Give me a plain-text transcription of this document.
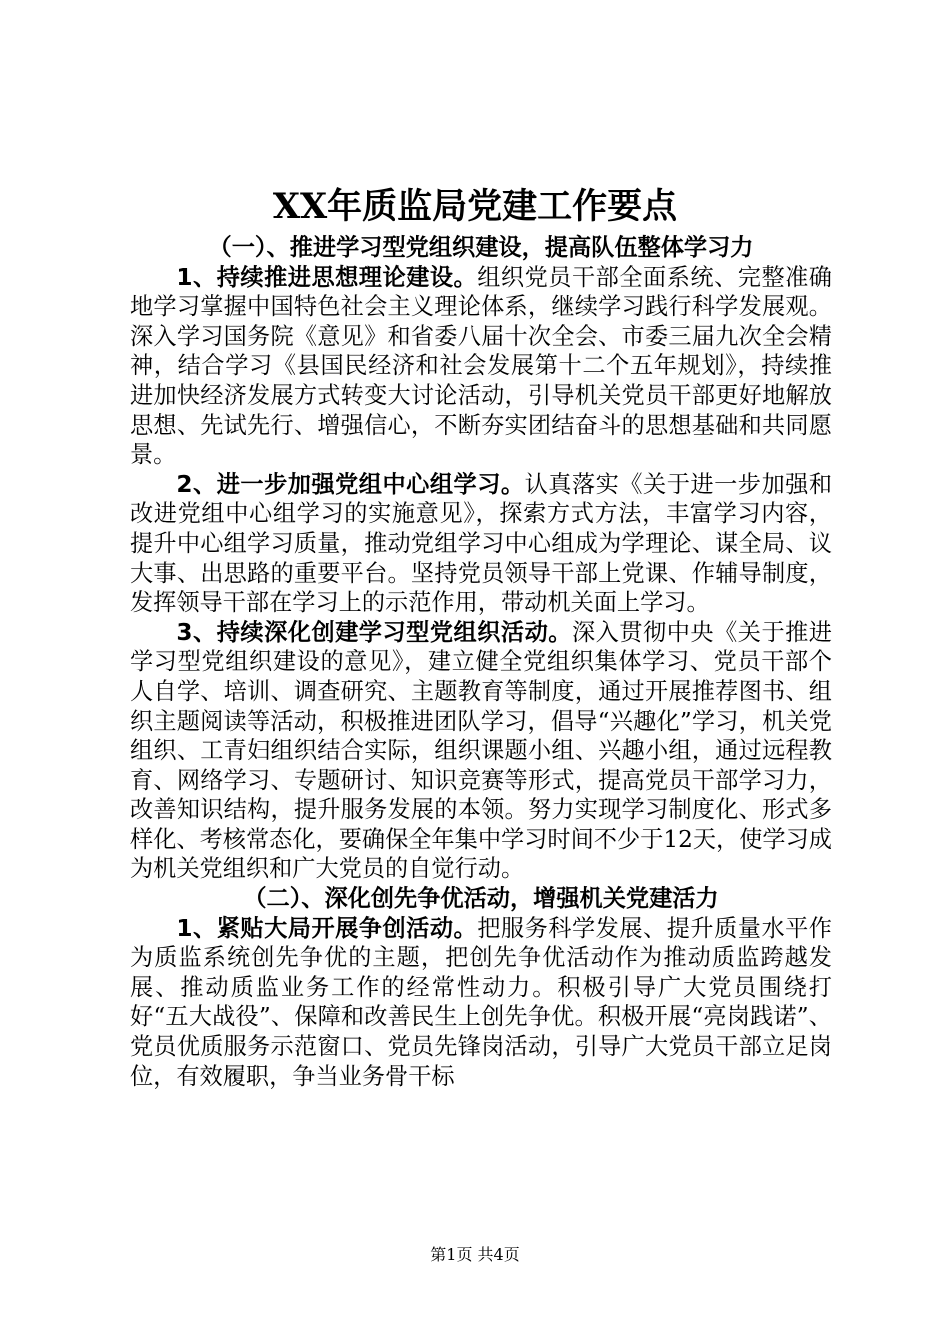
XX年质监局党建工作要点

（一）、推进学习型党组织建设，提高队伍整体学习力

1、持续推进思想理论建设。组织党员干部全面系统、完整准确地学习掌握中国特色社会主义理论体系，继续学习践行科学发展观。深入学习国务院《意见》和省委八届十次全会、市委三届九次全会精神，结合学习《县国民经济和社会发展第十二个五年规划》，持续推进加快经济发展方式转变大讨论活动，引导机关党员干部更好地解放思想、先试先行、增强信心，不断夯实团结奋斗的思想基础和共同愿景。

2、进一步加强党组中心组学习。认真落实《关于进一步加强和改进党组中心组学习的实施意见》，探索方式方法，丰富学习内容，提升中心组学习质量，推动党组学习中心组成为学理论、谋全局、议大事、出思路的重要平台。坚持党员领导干部上党课、作辅导制度，发挥领导干部在学习上的示范作用，带动机关面上学习。

3、持续深化创建学习型党组织活动。深入贯彻中央《关于推进学习型党组织建设的意见》，建立健全党组织集体学习、党员干部个人自学、培训、调查研究、主题教育等制度，通过开展推荐图书、组织主题阅读等活动，积极推进团队学习，倡导“兴趣化”学习，机关党组织、工青妇组织结合实际，组织课题小组、兴趣小组，通过远程教育、网络学习、专题研讨、知识竞赛等形式，提高党员干部学习力，改善知识结构，提升服务发展的本领。努力实现学习制度化、形式多样化、考核常态化，要确保全年集中学习时间不少于12天，使学习成为机关党组织和广大党员的自觉行动。

（二）、深化创先争优活动，增强机关党建活力

1、紧贴大局开展争创活动。把服务科学发展、提升质量水平作为质监系统创先争优的主题，把创先争优活动作为推动质监跨越发展、推动质监业务工作的经常性动力。积极引导广大党员围绕打好“五大战役”、保障和改善民生上创先争优。积极开展“亮岗践诺”、党员优质服务示范窗口、党员先锋岗活动，引导广大党员干部立足岗位，有效履职，争当业务骨干标

第1页 共4页
